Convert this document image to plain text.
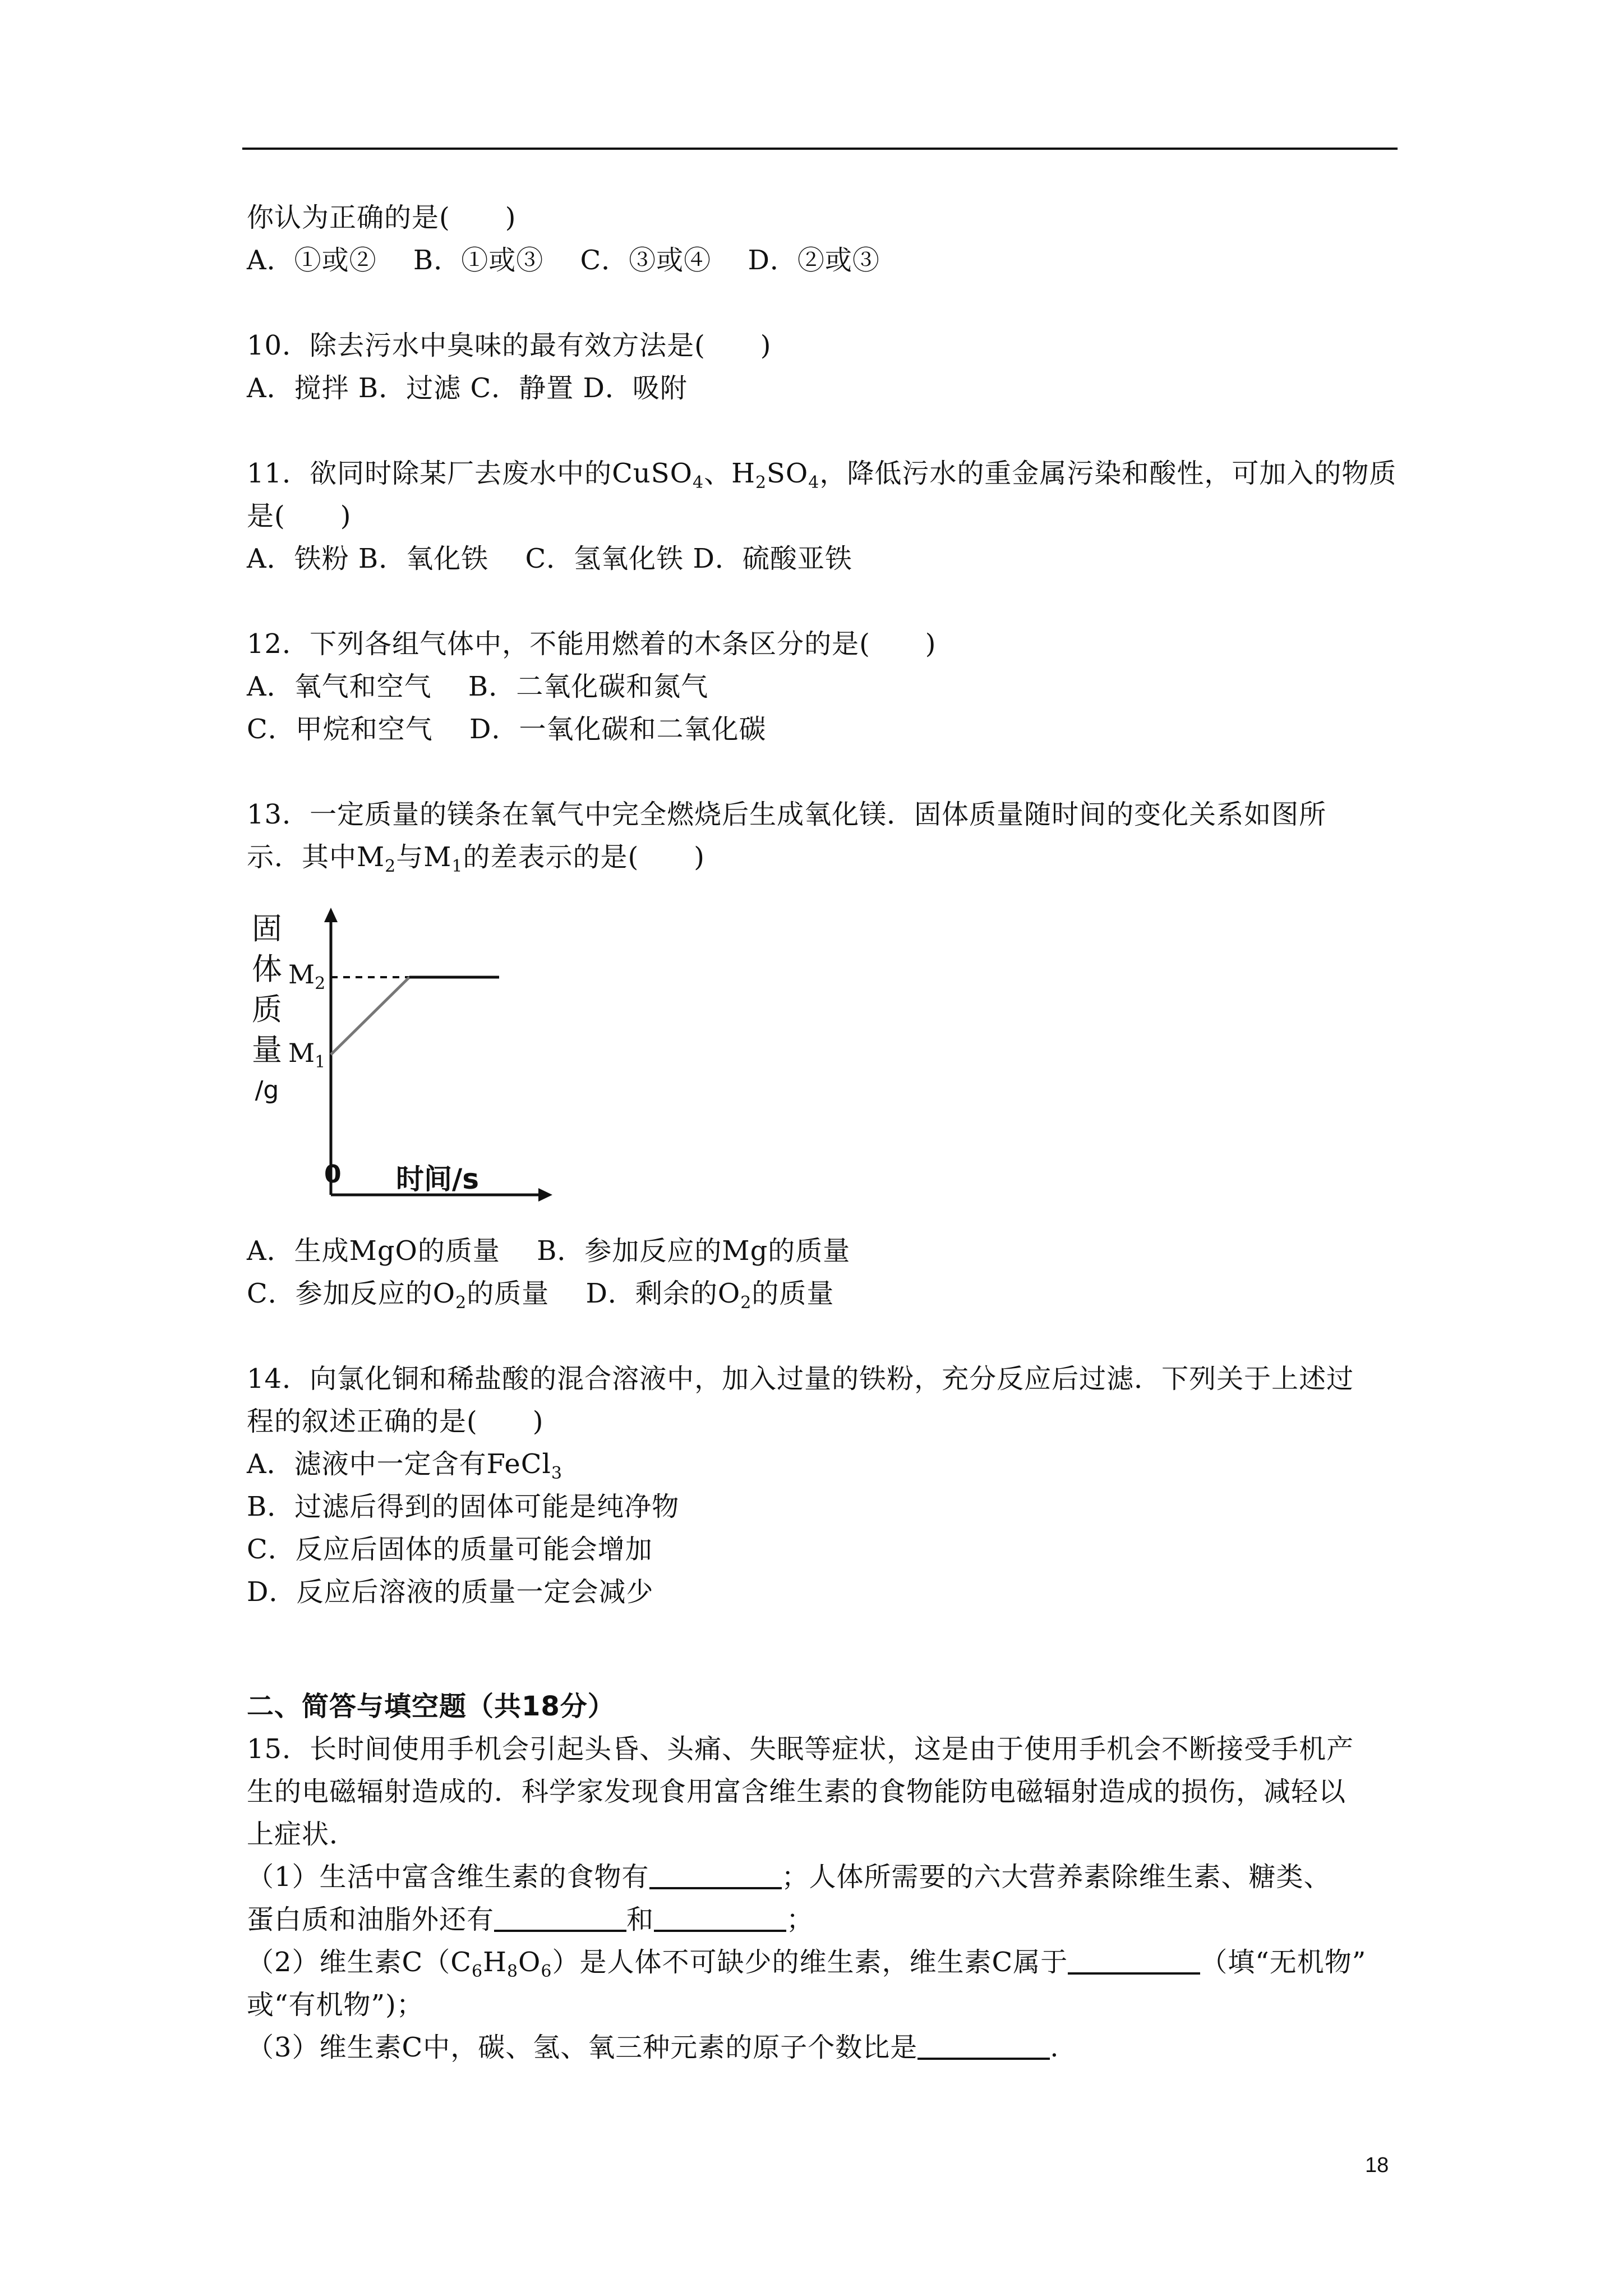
你认为正确的是(　　)
A．①或②　 B．①或③　 C．③或④　 D．②或③
10．除去污水中臭味的最有效方法是(　　)
A．搅拌 B．过滤 C．静置 D．吸附
11．欲同时除某厂去废水中的CuSO$_4$、$H_2SO_4$，降低污水的重金属污染和酸性，可加入的物质
是(　　)
A．铁粉 B．氧化铁　 C．氢氧化铁 D．硫酸亚铁
12．下列各组气体中，不能用燃着的木条区分的是(　　)
A．氧气和空气　 B．二氧化碳和氮气
C．甲烷和空气　 D．一氧化碳和二氧化碳
13．一定质量的镁条在氧气中完全燃烧后生成氧化镁．固体质量随时间的变化关系如图所
示．其中$M_2$与$M_1$的差表示的是(　　)
固
体
质
量
/g
$M_2$
$M_1$
0 时间/s
A．生成MgO的质量　 B．参加反应的Mg的质量
C．参加反应的$O_2$的质量　 D．剩余的$O_2$的质量
14．向氯化铜和稀盐酸的混合溶液中，加入过量的铁粉，充分反应后过滤．下列关于上述过
程的叙述正确的是(　　)
A．滤液中一定含有FeCl$_3$
B．过滤后得到的固体可能是纯净物
C．反应后固体的质量可能会增加
D．反应后溶液的质量一定会减少
二、简答与填空题（共18分）
15．长时间使用手机会引起头昏、头痛、失眠等症状，这是由于使用手机会不断接受手机产
生的电磁辐射造成的．科学家发现食用富含维生素的食物能防电磁辐射造成的损伤，减轻以
上症状．
（1）生活中富含维生素的食物有	；人体所需要的六大营养素除维生素、糖类、
蛋白质和油脂外还有	和	；
（2）维生素$C(C_6H_8O_6)$是人体不可缺少的维生素，维生素C属于	（填“无机物”
或“有机物”)；
（3）维生素C中，碳、氢、氧三种元素的原子个数比是	.
18
